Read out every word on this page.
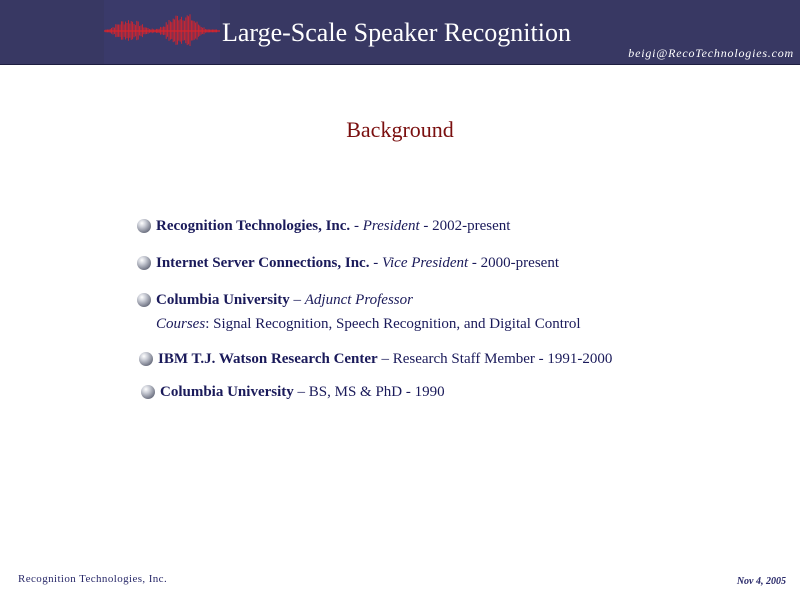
Large-Scale Speaker Recognition
beigi@RecoTechnologies.com
Background
Recognition Technologies, Inc. - President - 2002-present
Internet Server Connections, Inc. - Vice President - 2000-present
Columbia University – Adjunct Professor
Courses: Signal Recognition, Speech Recognition, and Digital Control
IBM T.J. Watson Research Center – Research Staff Member - 1991-2000
Columbia University – BS, MS & PhD - 1990
Recognition Technologies, Inc.	Nov 4, 2005
